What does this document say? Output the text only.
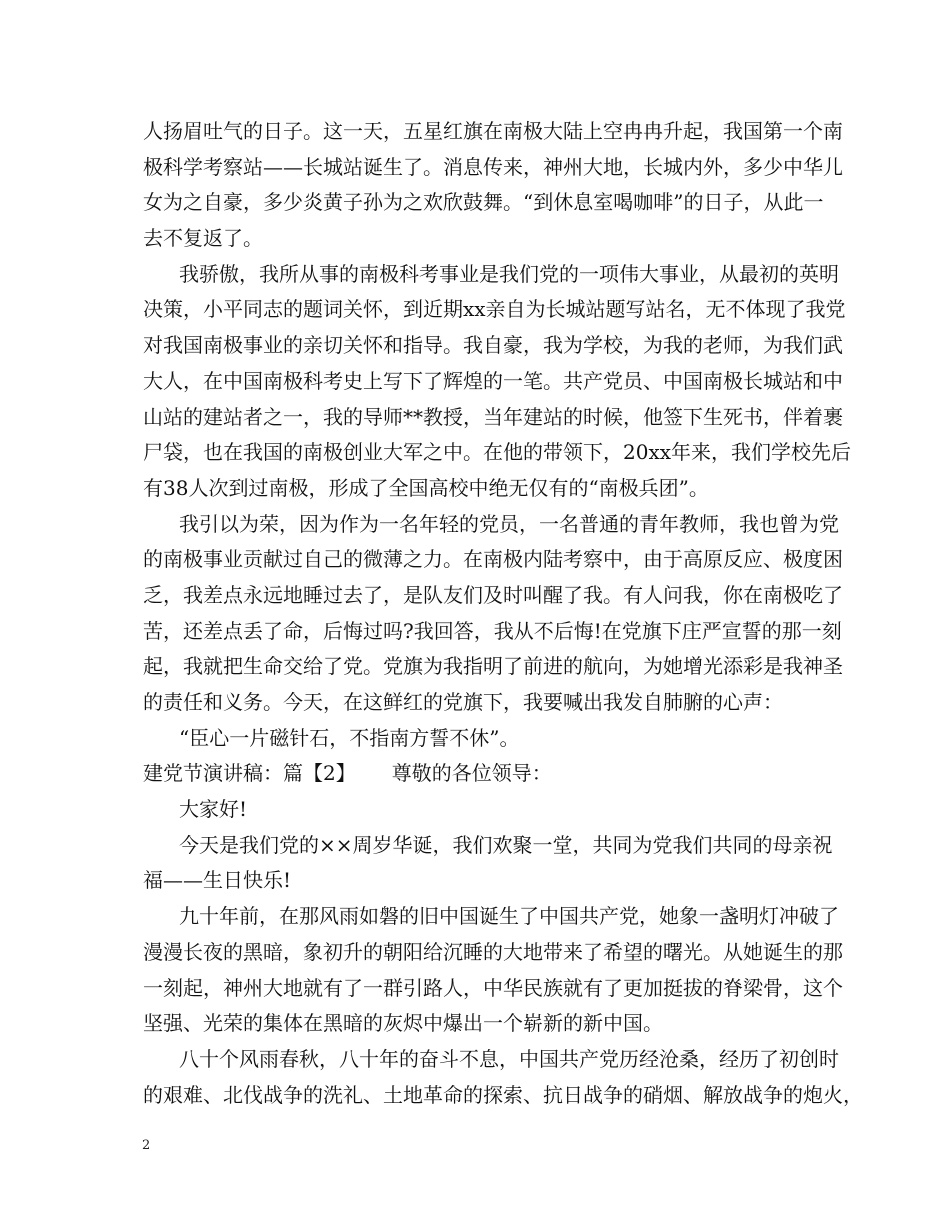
人扬眉吐气的日子。这一天，五星红旗在南极大陆上空冉冉升起，我国第一个南
极科学考察站——长城站诞生了。消息传来，神州大地，长城内外，多少中华儿
女为之自豪，多少炎黄子孙为之欢欣鼓舞。“到休息室喝咖啡”的日子，从此一
去不复返了。
我骄傲，我所从事的南极科考事业是我们党的一项伟大事业，从最初的英明
决策，小平同志的题词关怀，到近期xx亲自为长城站题写站名，无不体现了我党
对我国南极事业的亲切关怀和指导。我自豪，我为学校，为我的老师，为我们武
大人，在中国南极科考史上写下了辉煌的一笔。共产党员、中国南极长城站和中
山站的建站者之一，我的导师**教授，当年建站的时候，他签下生死书，伴着裹
尸袋，也在我国的南极创业大军之中。在他的带领下，20xx年来，我们学校先后
有38人次到过南极，形成了全国高校中绝无仅有的“南极兵团”。
我引以为荣，因为作为一名年轻的党员，一名普通的青年教师，我也曾为党
的南极事业贡献过自己的微薄之力。在南极内陆考察中，由于高原反应、极度困
乏，我差点永远地睡过去了，是队友们及时叫醒了我。有人问我，你在南极吃了
苦，还差点丢了命，后悔过吗?我回答，我从不后悔!在党旗下庄严宣誓的那一刻
起，我就把生命交给了党。党旗为我指明了前进的航向，为她增光添彩是我神圣
的责任和义务。今天，在这鲜红的党旗下，我要喊出我发自肺腑的心声：
“臣心一片磁针石，不指南方誓不休”。
建党节演讲稿：篇【2】 尊敬的各位领导：
大家好!
今天是我们党的××周岁华诞，我们欢聚一堂，共同为党我们共同的母亲祝
福——生日快乐!
九十年前，在那风雨如磐的旧中国诞生了中国共产党，她象一盏明灯冲破了
漫漫长夜的黑暗，象初升的朝阳给沉睡的大地带来了希望的曙光。从她诞生的那
一刻起，神州大地就有了一群引路人，中华民族就有了更加挺拔的脊梁骨，这个
坚强、光荣的集体在黑暗的灰烬中爆出一个崭新的新中国。
八十个风雨春秋，八十年的奋斗不息，中国共产党历经沧桑，经历了初创时
的艰难、北伐战争的洗礼、土地革命的探索、抗日战争的硝烟、解放战争的炮火，
2
